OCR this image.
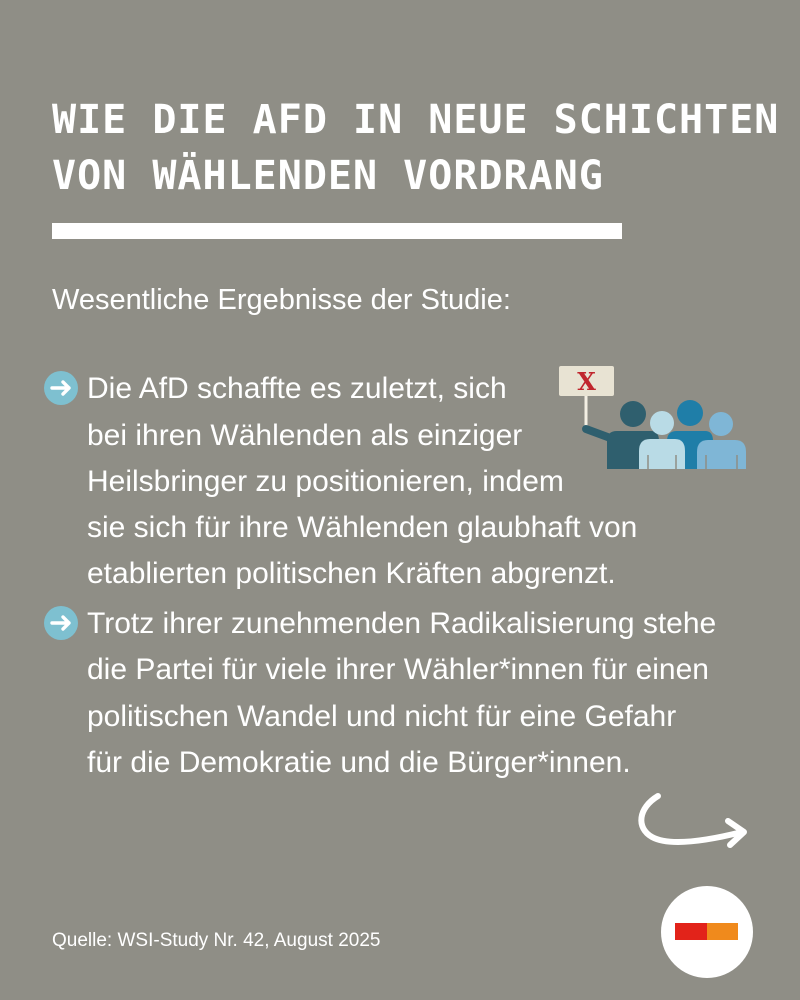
WIE DIE AFD IN NEUE SCHICHTEN
VON WÄHLENDEN VORDRANG
Wesentliche Ergebnisse der Studie:
Die AfD schaffte es zuletzt, sich
bei ihren Wählenden als einziger
Heilsbringer zu positionieren, indem
sie sich für ihre Wählenden glaubhaft von
etablierten politischen Kräften abgrenzt.
X
Trotz ihrer zunehmenden Radikalisierung stehe
die Partei für viele ihrer Wähler*innen für einen
politischen Wandel und nicht für eine Gefahr
für die Demokratie und die Bürger*innen.
Quelle: WSI-Study Nr. 42, August 2025
